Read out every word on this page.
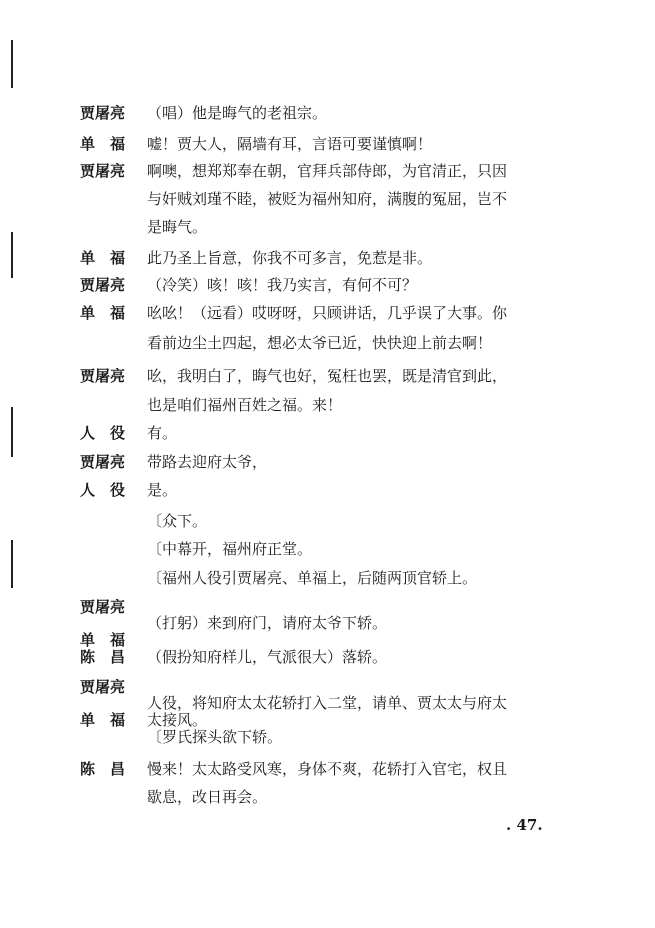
贾屠亮 （唱）他是晦气的老祖宗。
单　福 嘘！贾大人，隔墙有耳，言语可要谨慎啊！
贾屠亮 啊噢，想郑郑奉在朝，官拜兵部侍郎，为官清正，只因
与奸贼刘瑾不睦，被贬为福州知府，满腹的冤屈，岂不
是晦气。
单　福 此乃圣上旨意，你我不可多言，免惹是非。
贾屠亮 （冷笑）咳！咳！我乃实言，有何不可？
单　福 吆吆！（远看）哎呀呀，只顾讲话，几乎误了大事。你
看前边尘土四起，想必太爷已近，快快迎上前去啊！
贾屠亮 吆，我明白了，晦气也好，冤枉也罢，既是清官到此，
也是咱们福州百姓之福。来！
人　役 有。
贾屠亮 带路去迎府太爷，
人　役 是。
〔众下。
〔中幕开，福州府正堂。
〔福州人役引贾屠亮、单福上，后随两顶官轿上。
贾屠亮
（打躬）来到府门，请府太爷下轿。
单　福
陈　昌 （假扮知府样儿，气派很大）落轿。
贾屠亮
人役，将知府太太花轿打入二堂，请单、贾太太与府太
单　福 太接风。
〔罗氏探头欲下轿。
陈　昌 慢来！太太路受风寒，身体不爽，花轿打入官宅，权且
歇息，改日再会。
. 47.
